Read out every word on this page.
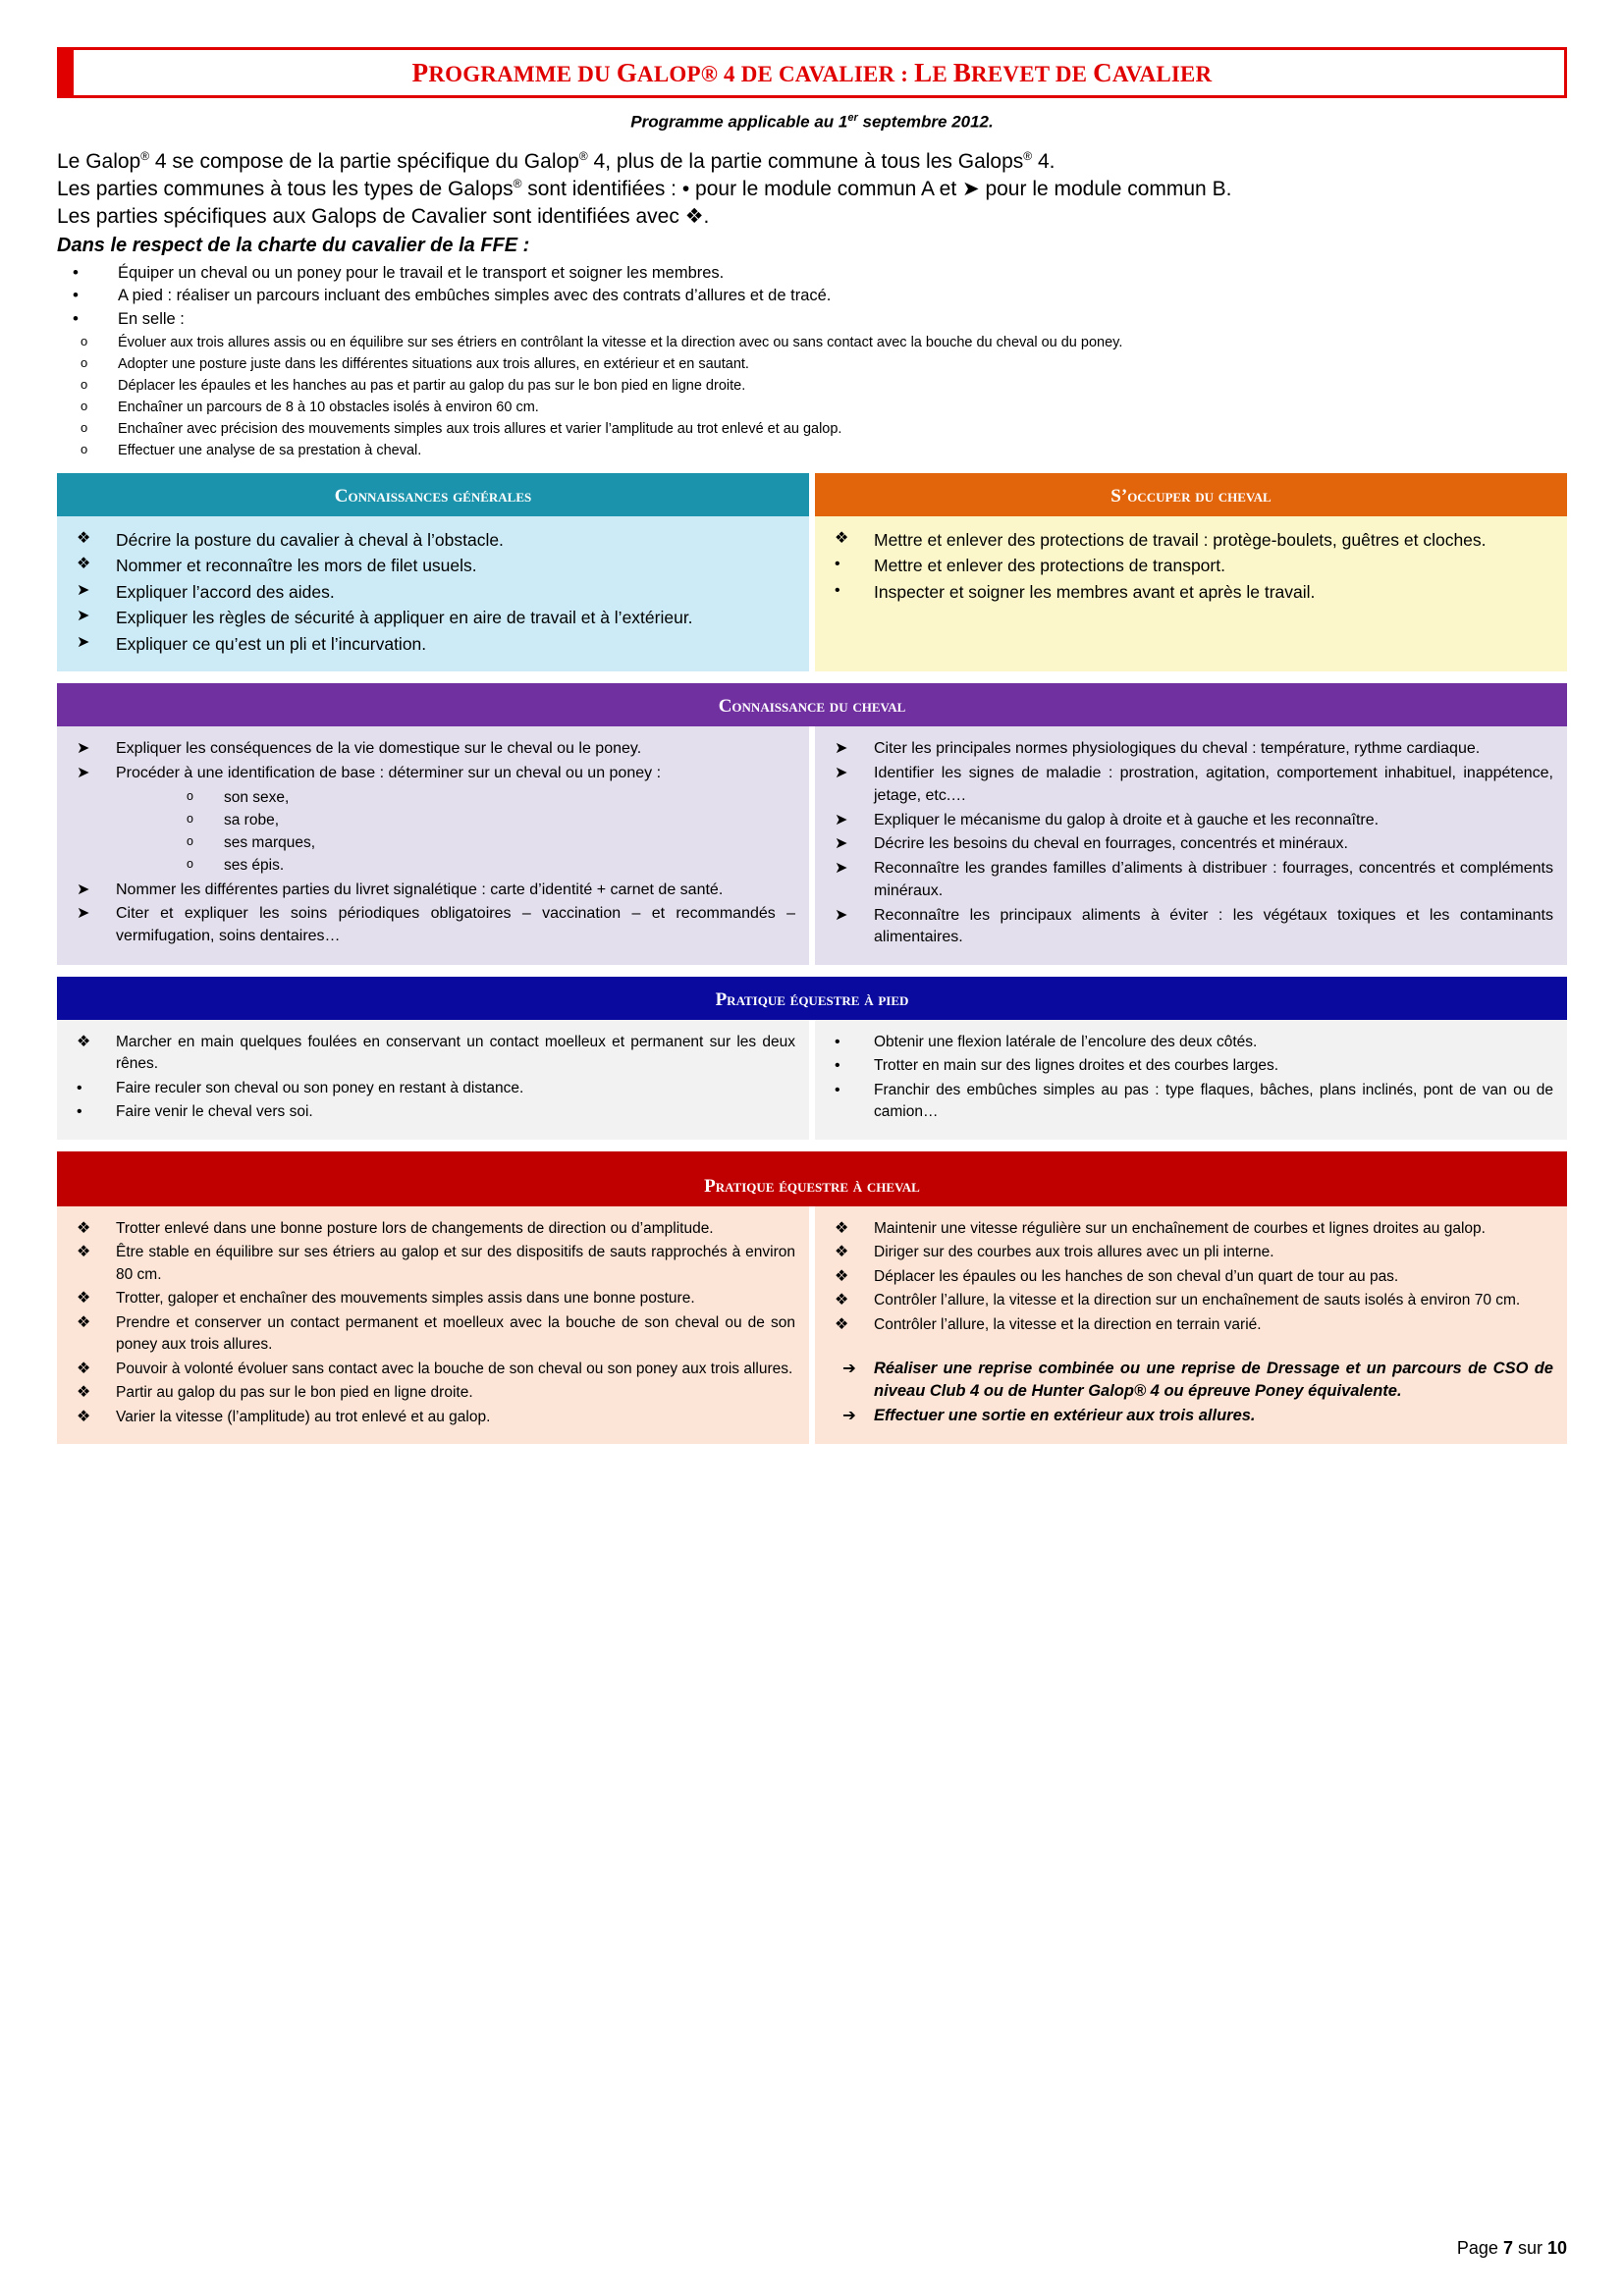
PROGRAMME DU GALOP® 4 DE CAVALIER : LE BREVET DE CAVALIER
Programme applicable au 1er septembre 2012.

Le Galop® 4 se compose de la partie spécifique du Galop® 4, plus de la partie commune à tous les Galops® 4.

Les parties communes à tous les types de Galops® sont identifiées : • pour le module commun A et ➤ pour le module commun B.

Les parties spécifiques aux Galops de Cavalier sont identifiées avec ❖.

Dans le respect de la charte du cavalier de la FFE :
• Équiper un cheval ou un poney pour le travail et le transport et soigner les membres.
• A pied : réaliser un parcours incluant des embûches simples avec des contrats d’allures et de tracé.
• En selle :
o Évoluer aux trois allures assis ou en équilibre sur ses étriers en contrôlant la vitesse et la direction avec ou sans contact avec la bouche du cheval ou du poney.
o Adopter une posture juste dans les différentes situations aux trois allures, en extérieur et en sautant.
o Déplacer les épaules et les hanches au pas et partir au galop du pas sur le bon pied en ligne droite.
o Enchaîner un parcours de 8 à 10 obstacles isolés à environ 60 cm.
o Enchaîner avec précision des mouvements simples aux trois allures et varier l’amplitude au trot enlevé et au galop.
o Effectuer une analyse de sa prestation à cheval.
Connaissances générales	S’occuper du cheval
❖ Décrire la posture du cavalier à cheval à l’obstacle.
❖ Nommer et reconnaître les mors de filet usuels.
➤ Expliquer l’accord des aides.
➤ Expliquer les règles de sécurité à appliquer en aire de travail et à l’extérieur.
➤ Expliquer ce qu’est un pli et l’incurvation.
❖ Mettre et enlever des protections de travail : protège-boulets, guêtres et cloches.
• Mettre et enlever des protections de transport.
• Inspecter et soigner les membres avant et après le travail.
Connaissance du cheval
➤ Expliquer les conséquences de la vie domestique sur le cheval ou le poney.
➤ Procéder à une identification de base : déterminer sur un cheval ou un poney :
o son sexe,
o sa robe,
o ses marques,
o ses épis.
➤ Nommer les différentes parties du livret signalétique : carte d’identité + carnet de santé.
➤ Citer et expliquer les soins périodiques obligatoires – vaccination – et recommandés – vermifugation, soins dentaires…
➤ Citer les principales normes physiologiques du cheval : température, rythme cardiaque.
➤ Identifier les signes de maladie : prostration, agitation, comportement inhabituel, inappétence, jetage, etc.…
➤ Expliquer le mécanisme du galop à droite et à gauche et les reconnaître.
➤ Décrire les besoins du cheval en fourrages, concentrés et minéraux.
➤ Reconnaître les grandes familles d’aliments à distribuer : fourrages, concentrés et compléments minéraux.
➤ Reconnaître les principaux aliments à éviter : les végétaux toxiques et les contaminants alimentaires.
Pratique équestre à pied
❖ Marcher en main quelques foulées en conservant un contact moelleux et permanent sur les deux rênes.
• Faire reculer son cheval ou son poney en restant à distance.
• Faire venir le cheval vers soi.
• Obtenir une flexion latérale de l’encolure des deux côtés.
• Trotter en main sur des lignes droites et des courbes larges.
• Franchir des embûches simples au pas : type flaques, bâches, plans inclinés, pont de van ou de camion…
Pratique équestre à cheval
❖ Trotter enlevé dans une bonne posture lors de changements de direction ou d’amplitude.
❖ Être stable en équilibre sur ses étriers au galop et sur des dispositifs de sauts rapprochés à environ 80 cm.
❖ Trotter, galoper et enchaîner des mouvements simples assis dans une bonne posture.
❖ Prendre et conserver un contact permanent et moelleux avec la bouche de son cheval ou de son poney aux trois allures.
❖ Pouvoir à volonté évoluer sans contact avec la bouche de son cheval ou son poney aux trois allures.
❖ Partir au galop du pas sur le bon pied en ligne droite.
❖ Varier la vitesse (l’amplitude) au trot enlevé et au galop.
❖ Maintenir une vitesse régulière sur un enchaînement de courbes et lignes droites au galop.
❖ Diriger sur des courbes aux trois allures avec un pli interne.
❖ Déplacer les épaules ou les hanches de son cheval d’un quart de tour au pas.
❖ Contrôler l’allure, la vitesse et la direction sur un enchaînement de sauts isolés à environ 70 cm.
❖ Contrôler l’allure, la vitesse et la direction en terrain varié.
➔ Réaliser une reprise combinée ou une reprise de Dressage et un parcours de CSO de niveau Club 4 ou de Hunter Galop® 4 ou épreuve Poney équivalente.
➔ Effectuer une sortie en extérieur aux trois allures.
Page 7 sur 10
